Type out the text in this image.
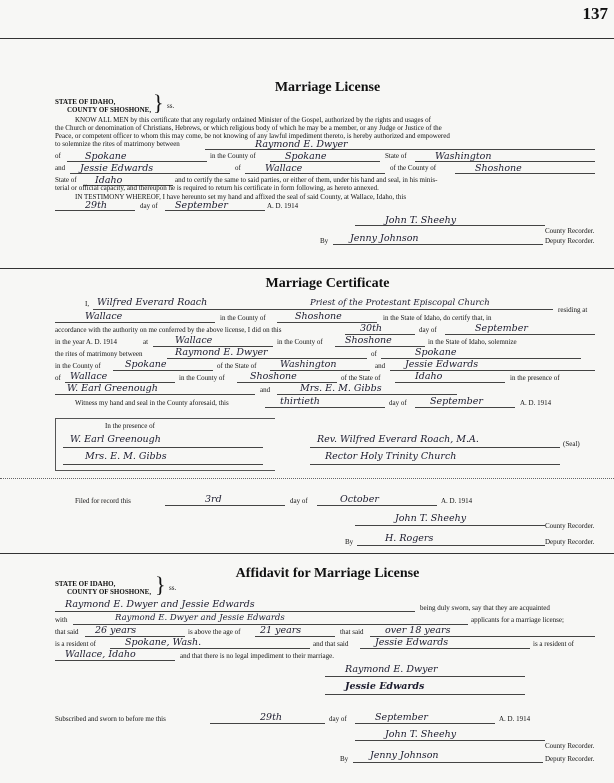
137
Marriage License
STATE OF IDAHO,
COUNTY OF SHOSHONE, } ss.
KNOW ALL MEN by this certificate that any regularly ordained Minister of the Gospel, authorized by the rights and usages of
the Church or denomination of Christians, Hebrews, or which religious body of which he may be a member, or any Judge or Justice of the
Peace, or competent officer to whom this may come, be not knowing of any lawful impediment thereto, is hereby authorized and empowered
to solemnize the rites of matrimony between	Raymond E. Dwyer
of	Spokane	in the County of	Spokane	State of	Washington
and Jessie Edwards	of	Wallace	of the County of	Shoshone
State of Idaho	and to certify the same to said parties, or either of them, under his hand and seal, in his minis-
terial or official capacity, and thereupon he is required to return his certificate in form following, as hereto annexed.
IN TESTIMONY WHEREOF, I have hereunto set my hand and affixed the seal of said County, at Wallace, Idaho, this
29th	day of September	A. D. 1914
John T. Sheehy
County Recorder.
By Jenny Johnson	Deputy Recorder.
Marriage Certificate
I, Wilfred Everard Roach	Priest of the Protestant Episcopal Church
residing at
Wallace	in the County of	Shoshone	in the State of Idaho, do certify that, in
accordance with the authority on me conferred by the above license, I did on this	30th	day of	September
in the year A. D. 1914	at	Wallace	in the County of Shoshone	in the State of Idaho, solemnize
the rites of matrimony between	Raymond E. Dwyer	of	Spokane
in the County of	Spokane	of the State of Washington	and Jessie Edwards
of Wallace	in the County of	Shoshone	of the State of	Idaho	in the presence of
W. Earl Greenough	and	Mrs. E. M. Gibbs
Witness my hand and seal in the County aforesaid, this	thirtieth	day of September	A. D. 1914
In the presence of
W. Earl Greenough
Mrs. E. M. Gibbs
Rev. Wilfred Everard Roach, M.A.	(Seal)
Rector Holy Trinity Church
Filed for record this	3rd	day of	October	A. D. 1914
John T. Sheehy
County Recorder.
By	H. Rogers	Deputy Recorder.
Affidavit for Marriage License
STATE OF IDAHO,
COUNTY OF SHOSHONE, } ss.
Raymond E. Dwyer and Jessie Edwards	being duly sworn, say that they are acquainted
with	Raymond E. Dwyer and Jessie Edwards	applicants for a marriage license;
that said 26 years	is above the age of 21 years	that said over 18 years
is a resident of	Spokane, Wash.	and that said	Jessie Edwards	is a resident of
Wallace, Idaho	and that there is no legal impediment to their marriage.
Raymond E. Dwyer
Jessie Edwards
Subscribed and sworn to before me this	29th	day of	September	A. D. 1914
John T. Sheehy
County Recorder.
By Jenny Johnson	Deputy Recorder.
